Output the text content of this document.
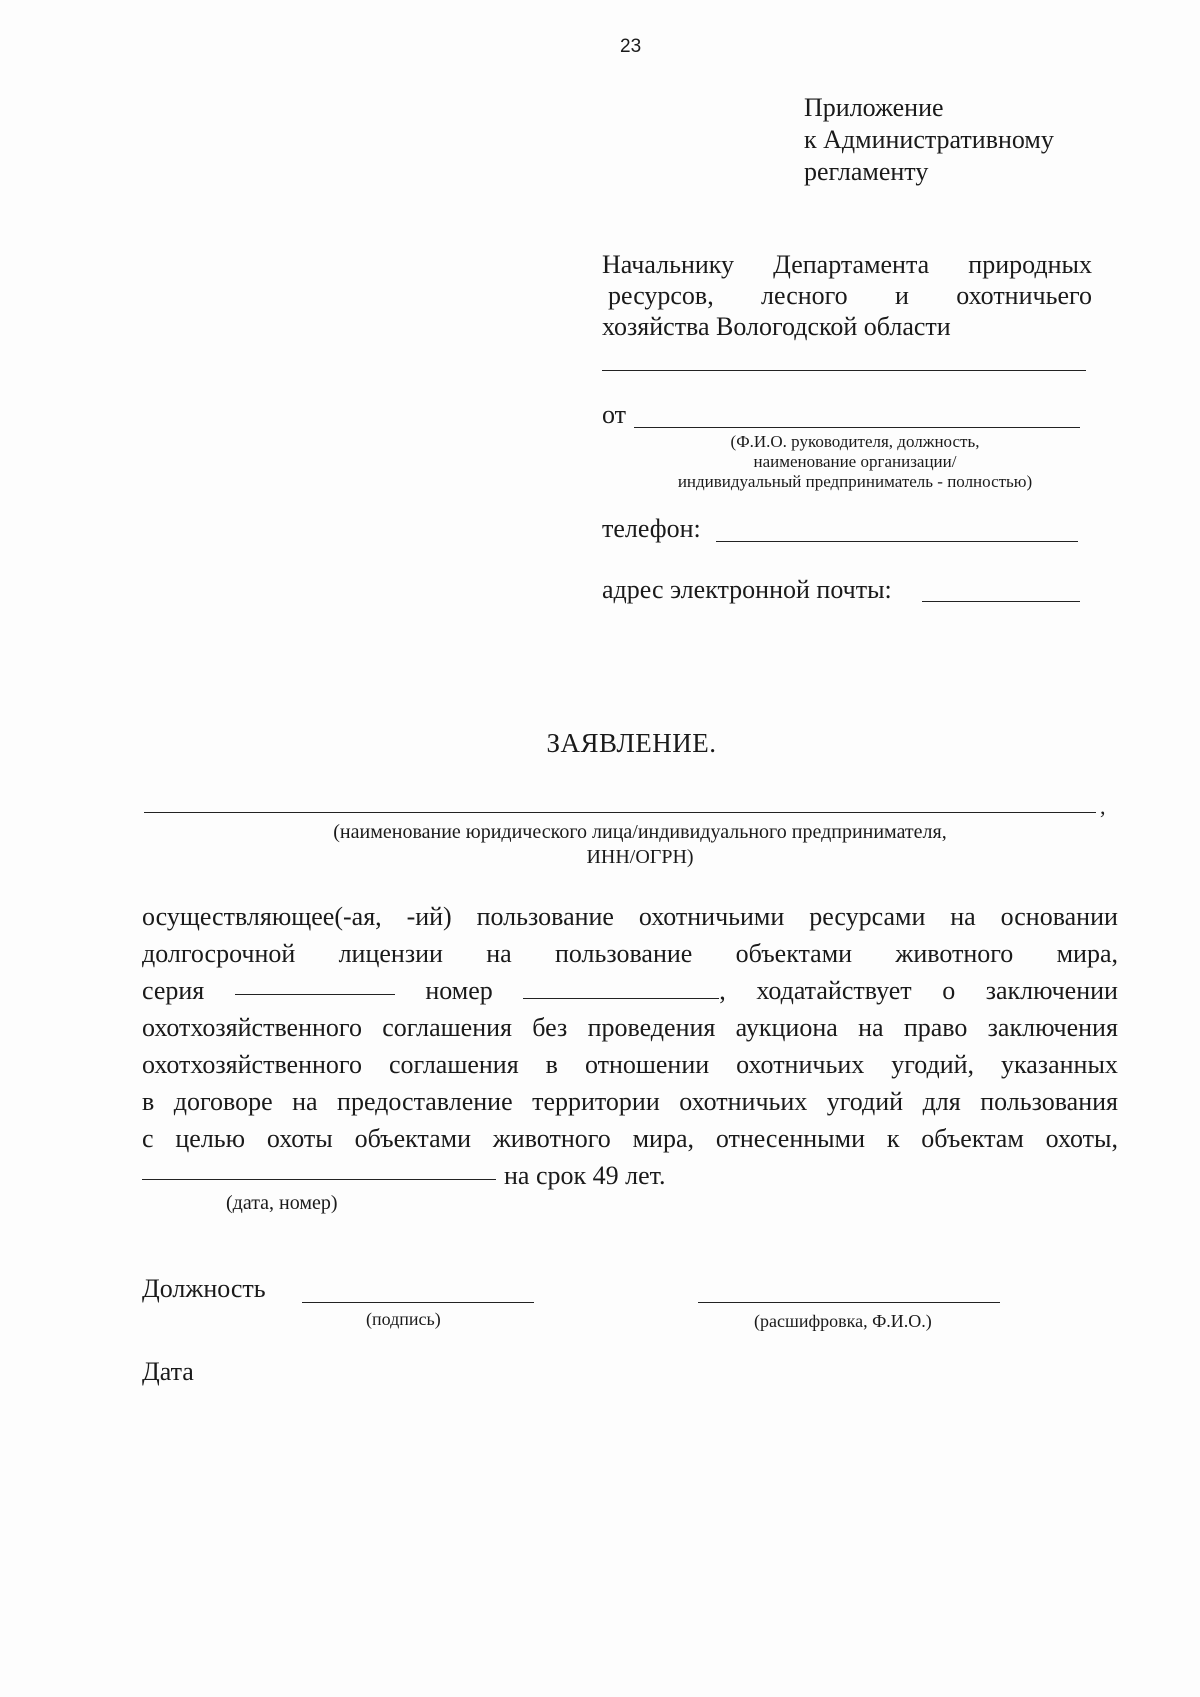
23
Приложение
к Административному
регламенту
Начальнику Департамента природных
ресурсов, лесного и охотничьего
хозяйства Вологодской области
от
(Ф.И.О. руководителя, должность,
наименование организации/
индивидуальный предприниматель - полностью)
телефон:
адрес электронной почты:
ЗАЯВЛЕНИЕ.
,
(наименование юридического лица/индивидуального предпринимателя,
ИНН/ОГРН)
осуществляющее(-ая, -ий) пользование охотничьими ресурсами на основании
долгосрочной лицензии на пользование объектами животного мира,
серия	номер	, ходатайствует о заключении
охотхозяйственного соглашения без проведения аукциона на право заключения
охотхозяйственного соглашения в отношении охотничьих угодий, указанных
в договоре на предоставление территории охотничьих угодий для пользования
с целью охоты объектами животного мира, отнесенными к объектам охоты,
на срок 49 лет.
(дата, номер)
Должность
(подпись)	(расшифровка, Ф.И.О.)
Дата
